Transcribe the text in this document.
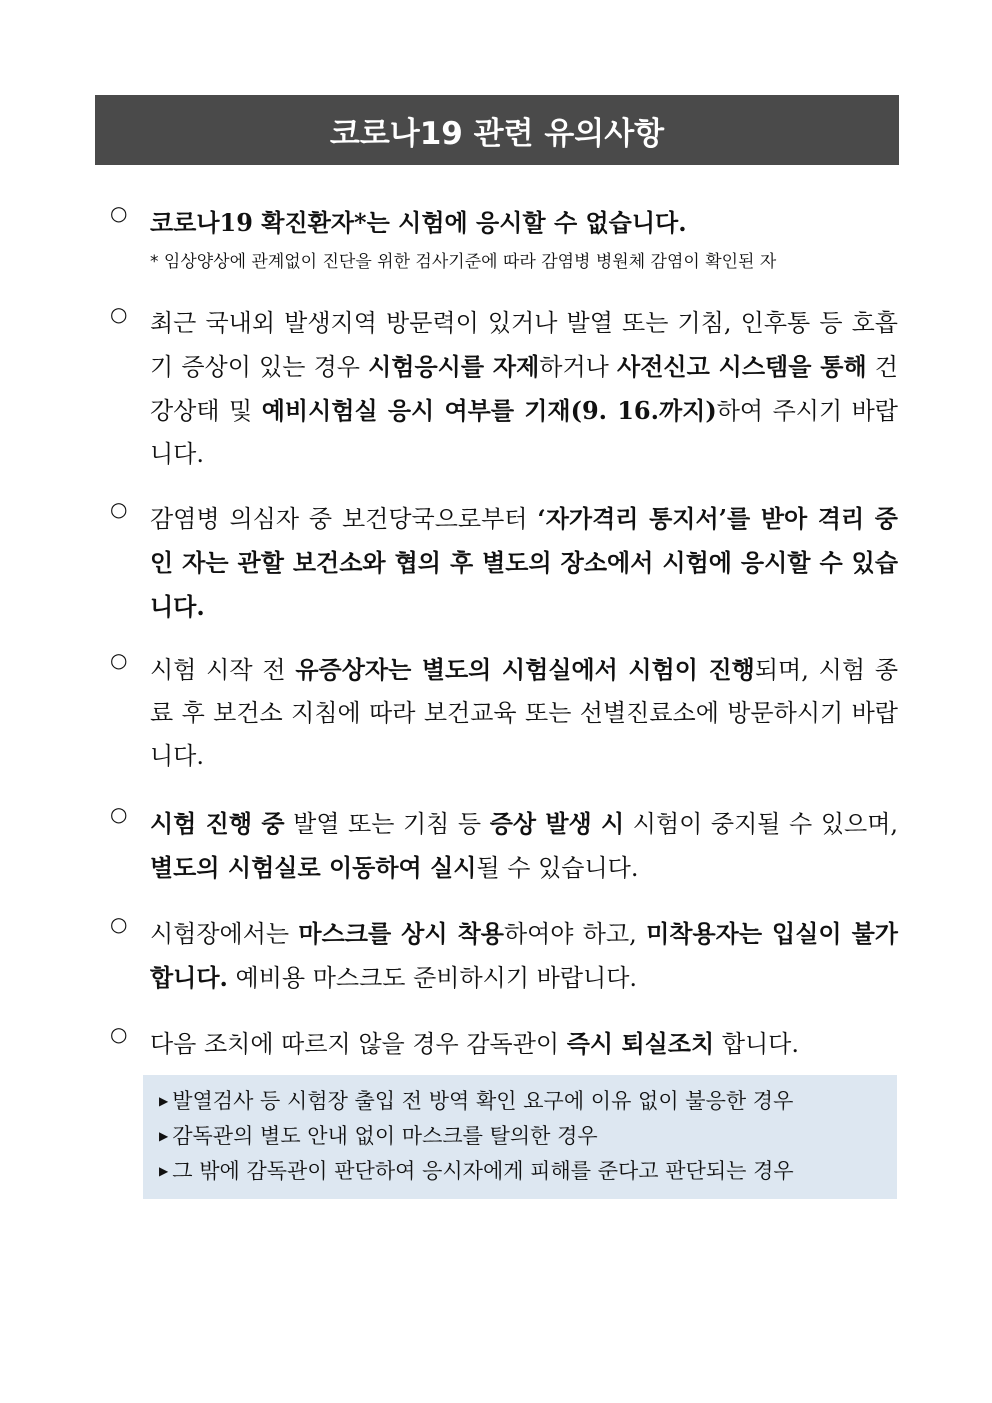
코로나19 관련 유의사항
○ 코로나19 확진환자*는 시험에 응시할 수 없습니다.
* 임상양상에 관계없이 진단을 위한 검사기준에 따라 감염병 병원체 감염이 확인된 자
○ 최근 국내외 발생지역 방문력이 있거나 발열 또는 기침, 인후통 등 호흡기 증상이 있는 경우 시험응시를 자제하거나 사전신고 시스템을 통해 건강상태 및 예비시험실 응시 여부를 기재(9. 16.까지)하여 주시기 바랍니다.
○ 감염병 의심자 중 보건당국으로부터 ‘자가격리 통지서’를 받아 격리 중인 자는 관할 보건소와 협의 후 별도의 장소에서 시험에 응시할 수 있습니다.
○ 시험 시작 전 유증상자는 별도의 시험실에서 시험이 진행되며, 시험 종료 후 보건소 지침에 따라 보건교육 또는 선별진료소에 방문하시기 바랍니다.
○ 시험 진행 중 발열 또는 기침 등 증상 발생 시 시험이 중지될 수 있으며, 별도의 시험실로 이동하여 실시될 수 있습니다.
○ 시험장에서는 마스크를 상시 착용하여야 하고, 미착용자는 입실이 불가합니다. 예비용 마스크도 준비하시기 바랍니다.
○ 다음 조치에 따르지 않을 경우 감독관이 즉시 퇴실조치 합니다.
▶ 발열검사 등 시험장 출입 전 방역 확인 요구에 이유 없이 불응한 경우
▶ 감독관의 별도 안내 없이 마스크를 탈의한 경우
▶ 그 밖에 감독관이 판단하여 응시자에게 피해를 준다고 판단되는 경우
